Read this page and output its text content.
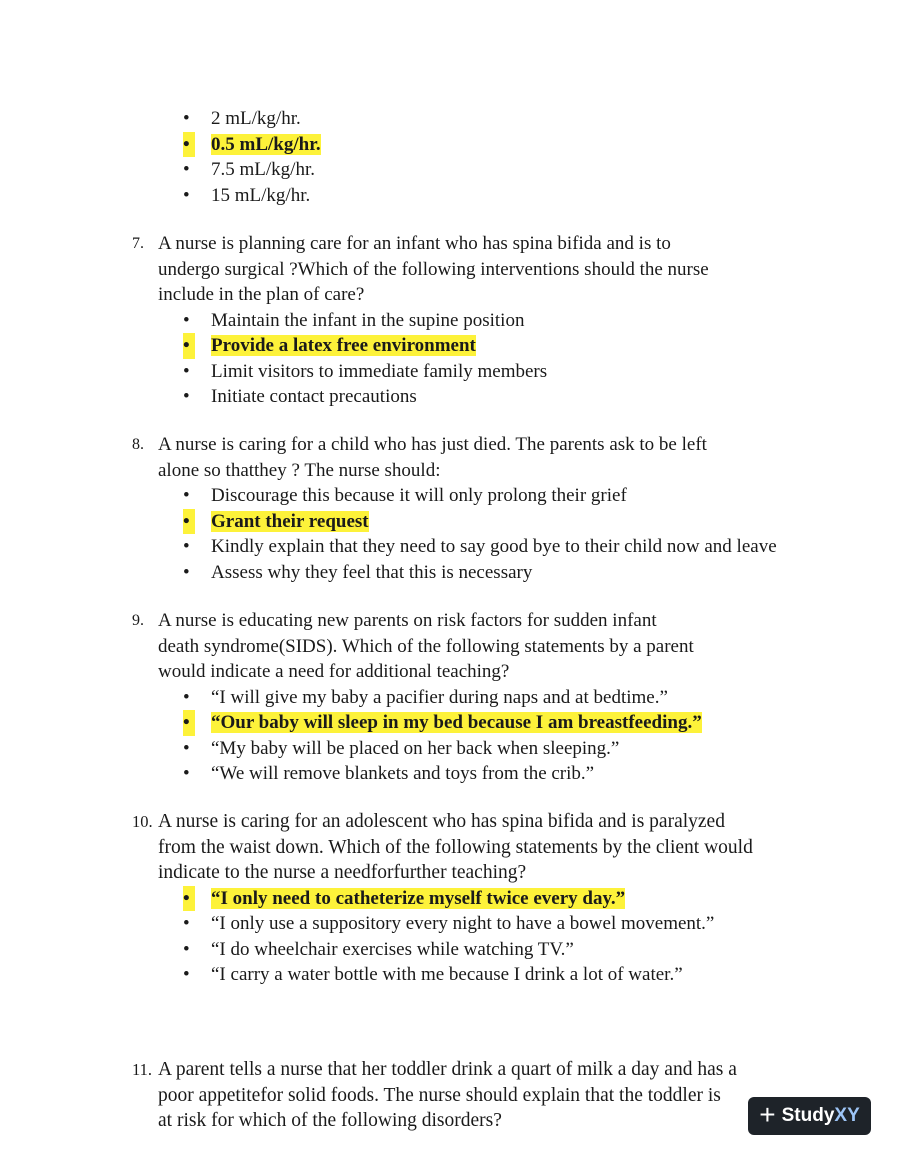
• 2 mL/kg/hr.
• 0.5 mL/kg/hr.
• 7.5 mL/kg/hr.
• 15 mL/kg/hr.
7. A nurse is planning care for an infant who has spina bifida and is to
undergo surgical ?Which of the following interventions should the nurse
include in the plan of care?
• Maintain the infant in the supine position
• Provide a latex free environment
• Limit visitors to immediate family members
• Initiate contact precautions
8. A nurse is caring for a child who has just died. The parents ask to be left
alone so thatthey ? The nurse should:
• Discourage this because it will only prolong their grief
• Grant their request
• Kindly explain that they need to say good bye to their child now and leave
• Assess why they feel that this is necessary
9. A nurse is educating new parents on risk factors for sudden infant
death syndrome(SIDS). Which of the following statements by a parent
would indicate a need for additional teaching?
• “I will give my baby a pacifier during naps and at bedtime.”
• “Our baby will sleep in my bed because I am breastfeeding.”
• “My baby will be placed on her back when sleeping.”
• “We will remove blankets and toys from the crib.”
10. A nurse is caring for an adolescent who has spina bifida and is paralyzed
from the waist down. Which of the following statements by the client would
indicate to the nurse a needforfurther teaching?
• “I only need to catheterize myself twice every day.”
• “I only use a suppository every night to have a bowel movement.”
• “I do wheelchair exercises while watching TV.”
• “I carry a water bottle with me because I drink a lot of water.”
11. A parent tells a nurse that her toddler drink a quart of milk a day and has a
poor appetitefor solid foods. The nurse should explain that the toddler is
at risk for which of the following disorders?	+ Study XY
